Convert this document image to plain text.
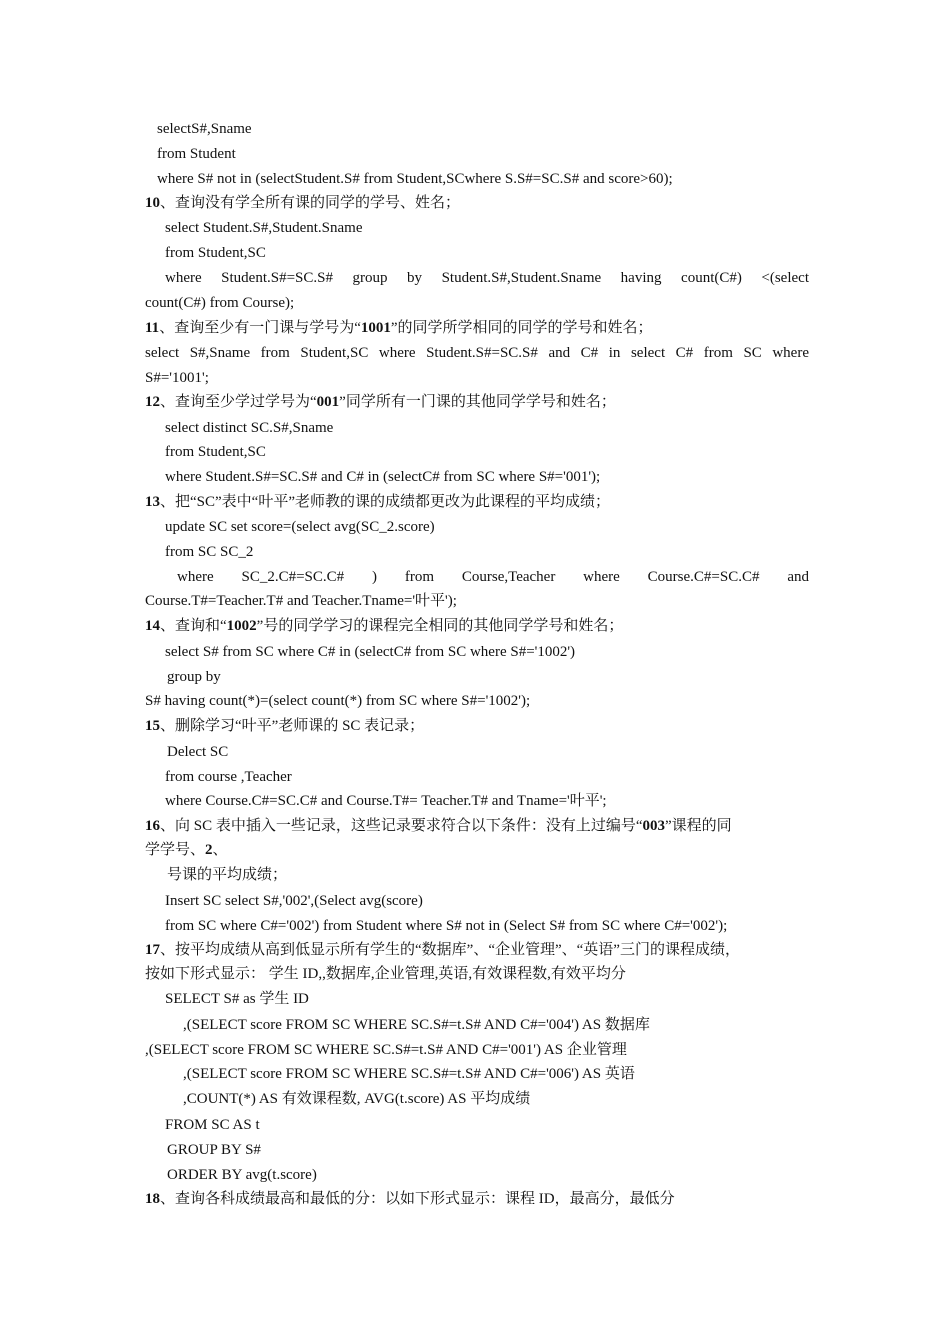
selectS#,Sname
from Student
where S# not in (selectStudent.S# from Student,SCwhere S.S#=SC.S# and score>60);
10、查询没有学全所有课的同学的学号、姓名；
select Student.S#,Student.Sname
from Student,SC
where Student.S#=SC.S# group by Student.S#,Student.Sname having count(C#) <(select
count(C#) from Course);
11、查询至少有一门课与学号为“1001”的同学所学相同的同学的学号和姓名；
select S#,Sname from Student,SC where Student.S#=SC.S# and C# in select C# from SC where
S#='1001';
12、查询至少学过学号为“001”同学所有一门课的其他同学学号和姓名；
select distinct SC.S#,Sname
from Student,SC
where Student.S#=SC.S# and C# in (selectC# from SC where S#='001');
13、把“SC”表中“叶平”老师教的课的成绩都更改为此课程的平均成绩；
update SC set score=(select avg(SC_2.score)
from SC SC_2
where SC_2.C#=SC.C# ) from Course,Teacher where Course.C#=SC.C# and
Course.T#=Teacher.T# and Teacher.Tname='叶平');
14、查询和“1002”号的同学学习的课程完全相同的其他同学学号和姓名；
select S# from SC where C# in (selectC# from SC where S#='1002')
group by
S# having count(*)=(select count(*) from SC where S#='1002');
15、删除学习“叶平”老师课的 SC 表记录；
Delect SC
from course ,Teacher
where Course.C#=SC.C# and Course.T#= Teacher.T# and Tname='叶平';
16、向 SC 表中插入一些记录，这些记录要求符合以下条件：没有上过编号“003”课程的同
学学号、2、
号课的平均成绩；
Insert SC select S#,'002',(Select avg(score)
from SC where C#='002') from Student where S# not in (Select S# from SC where C#='002');
17、按平均成绩从高到低显示所有学生的“数据库”、“企业管理”、“英语”三门的课程成绩，
按如下形式显示： 学生 ID,,数据库,企业管理,英语,有效课程数,有效平均分
SELECT S# as 学生 ID
,(SELECT score FROM SC WHERE SC.S#=t.S# AND C#='004') AS 数据库
,(SELECT score FROM SC WHERE SC.S#=t.S# AND C#='001') AS 企业管理
,(SELECT score FROM SC WHERE SC.S#=t.S# AND C#='006') AS 英语
,COUNT(*) AS 有效课程数, AVG(t.score) AS 平均成绩
FROM SC AS t
GROUP BY S#
ORDER BY avg(t.score)
18、查询各科成绩最高和最低的分：以如下形式显示：课程 ID，最高分，最低分
